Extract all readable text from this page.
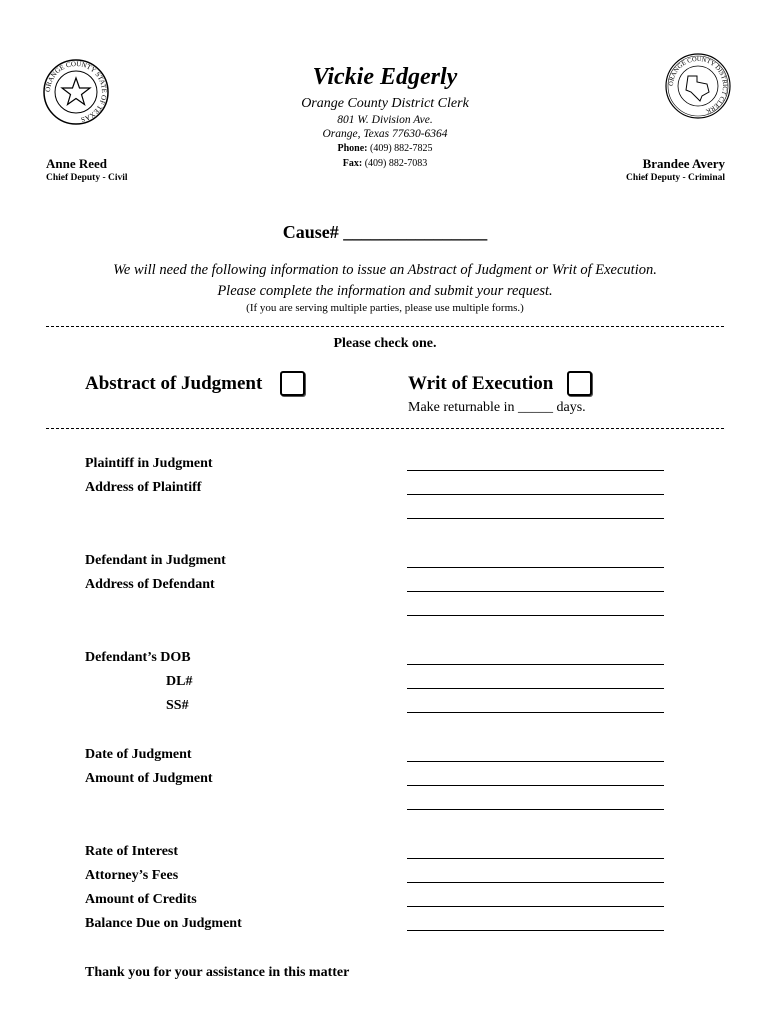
ORANGE COUNTY STATE OF TEXAS
ORANGE COUNTY DISTRICT CLERK
Vickie Edgerly
Orange County District Clerk
801 W. Division Ave.
Orange, Texas 77630-6364
Phone: (409) 882-7825
Fax: (409) 882-7083
Anne Reed
Chief Deputy - Civil
Brandee Avery
Chief Deputy - Criminal
Cause# ________________
We will need the following information to issue an Abstract of Judgment or Writ of Execution.
Please complete the information and submit your request.
(If you are serving multiple parties, please use multiple forms.)
Please check one.
Abstract of Judgment	Writ of Execution
Make returnable in _____ days.
Plaintiff in Judgment
Address of Plaintiff
Defendant in Judgment
Address of Defendant
Defendant’s DOB
DL#
SS#
Date of Judgment
Amount of Judgment
Rate of Interest
Attorney’s Fees
Amount of Credits
Balance Due on Judgment
Thank you for your assistance in this matter
